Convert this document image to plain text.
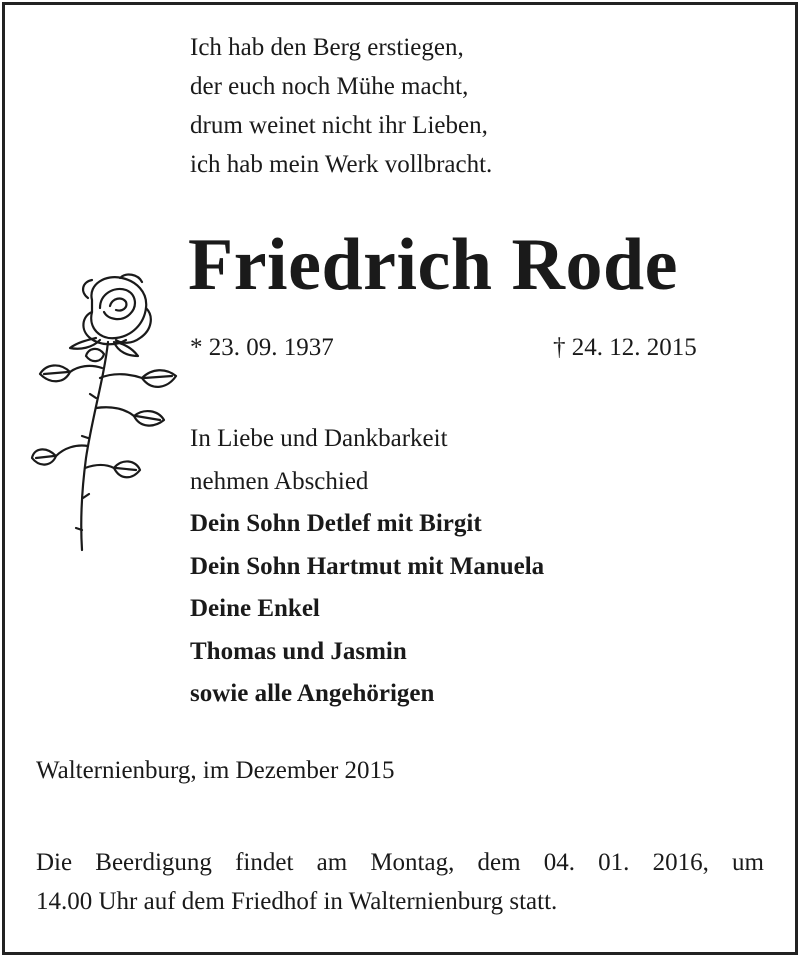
Ich hab den Berg erstiegen,
der euch noch Mühe macht,
drum weinet nicht ihr Lieben,
ich hab mein Werk vollbracht.
Friedrich Rode
* 23. 09. 1937	† 24. 12. 2015
In Liebe und Dankbarkeit
nehmen Abschied
Dein Sohn Detlef mit Birgit
Dein Sohn Hartmut mit Manuela
Deine Enkel
Thomas und Jasmin
sowie alle Angehörigen
Walternienburg, im Dezember 2015
Die Beerdigung findet am Montag, dem 04. 01. 2016, um
14.00 Uhr auf dem Friedhof in Walternienburg statt.
